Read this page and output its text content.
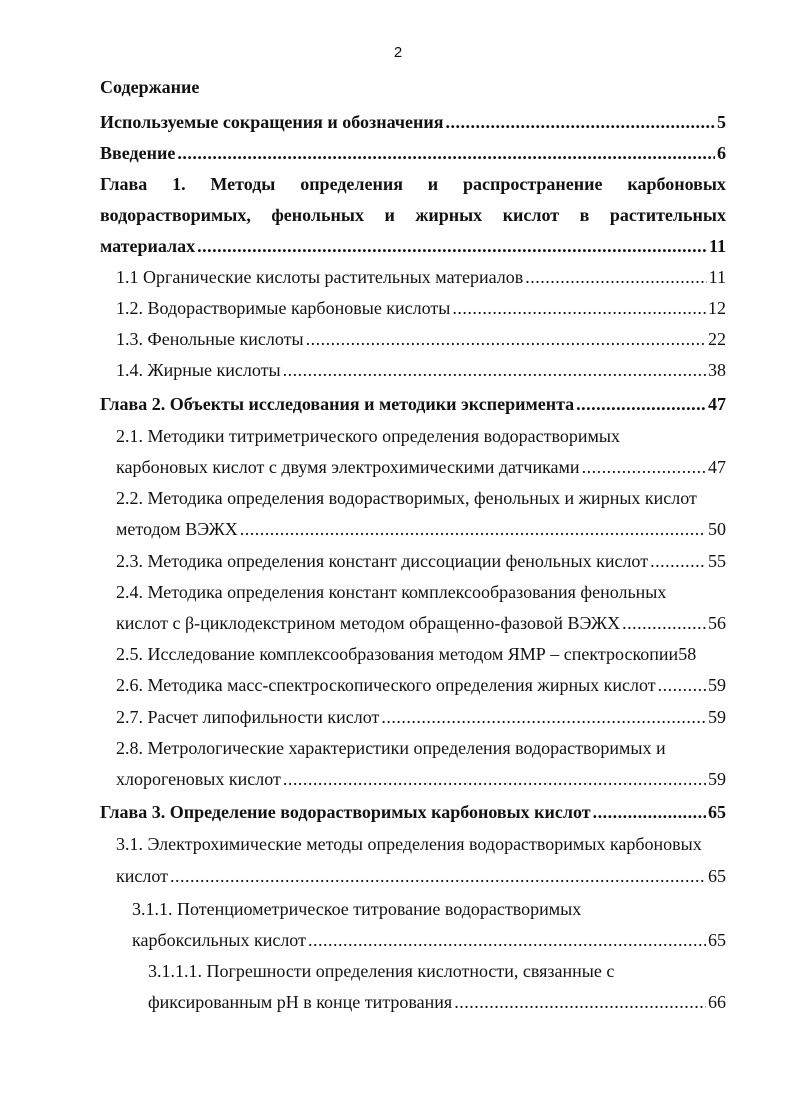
2
Содержание
Используемые сокращения и обозначения . . .	5
Введение . . .	6
Глава 1. Методы определения и распространение карбоновых
водорастворимых, фенольных и жирных кислот в растительных
материалах . . .	11
1.1 Органические кислоты растительных материалов . . .	11
1.2. Водорастворимые карбоновые кислоты . . .	12
1.3. Фенольные кислоты . . .	22
1.4. Жирные кислоты . . .	38
Глава 2. Объекты исследования и методики эксперимента . . .	47
2.1. Методики титриметрического определения водорастворимых
карбоновых кислот с двумя электрохимическими датчиками . . .	47
2.2. Методика определения водорастворимых, фенольных и жирных кислот
методом ВЭЖХ . . .	50
2.3. Методика определения констант диссоциации фенольных кислот . . .	55
2.4. Методика определения констант комплексообразования фенольных
кислот с β-циклодекстрином методом обращенно-фазовой ВЭЖХ . . .	56
2.5. Исследование комплексообразования методом ЯМР – спектроскопии 58
2.6. Методика масс-спектроскопического определения жирных кислот . . .	59
2.7. Расчет липофильности кислот . . .	59
2.8. Метрологические характеристики определения водорастворимых и
хлорогеновых кислот . . .	59
Глава 3. Определение водорастворимых карбоновых кислот . . .	65
3.1. Электрохимические методы определения водорастворимых карбоновых
кислот . . .	65
3.1.1. Потенциометрическое титрование водорастворимых
карбоксильных кислот . . .	65
3.1.1.1. Погрешности определения кислотности, связанные с
фиксированным pH в конце титрования . . .	66
